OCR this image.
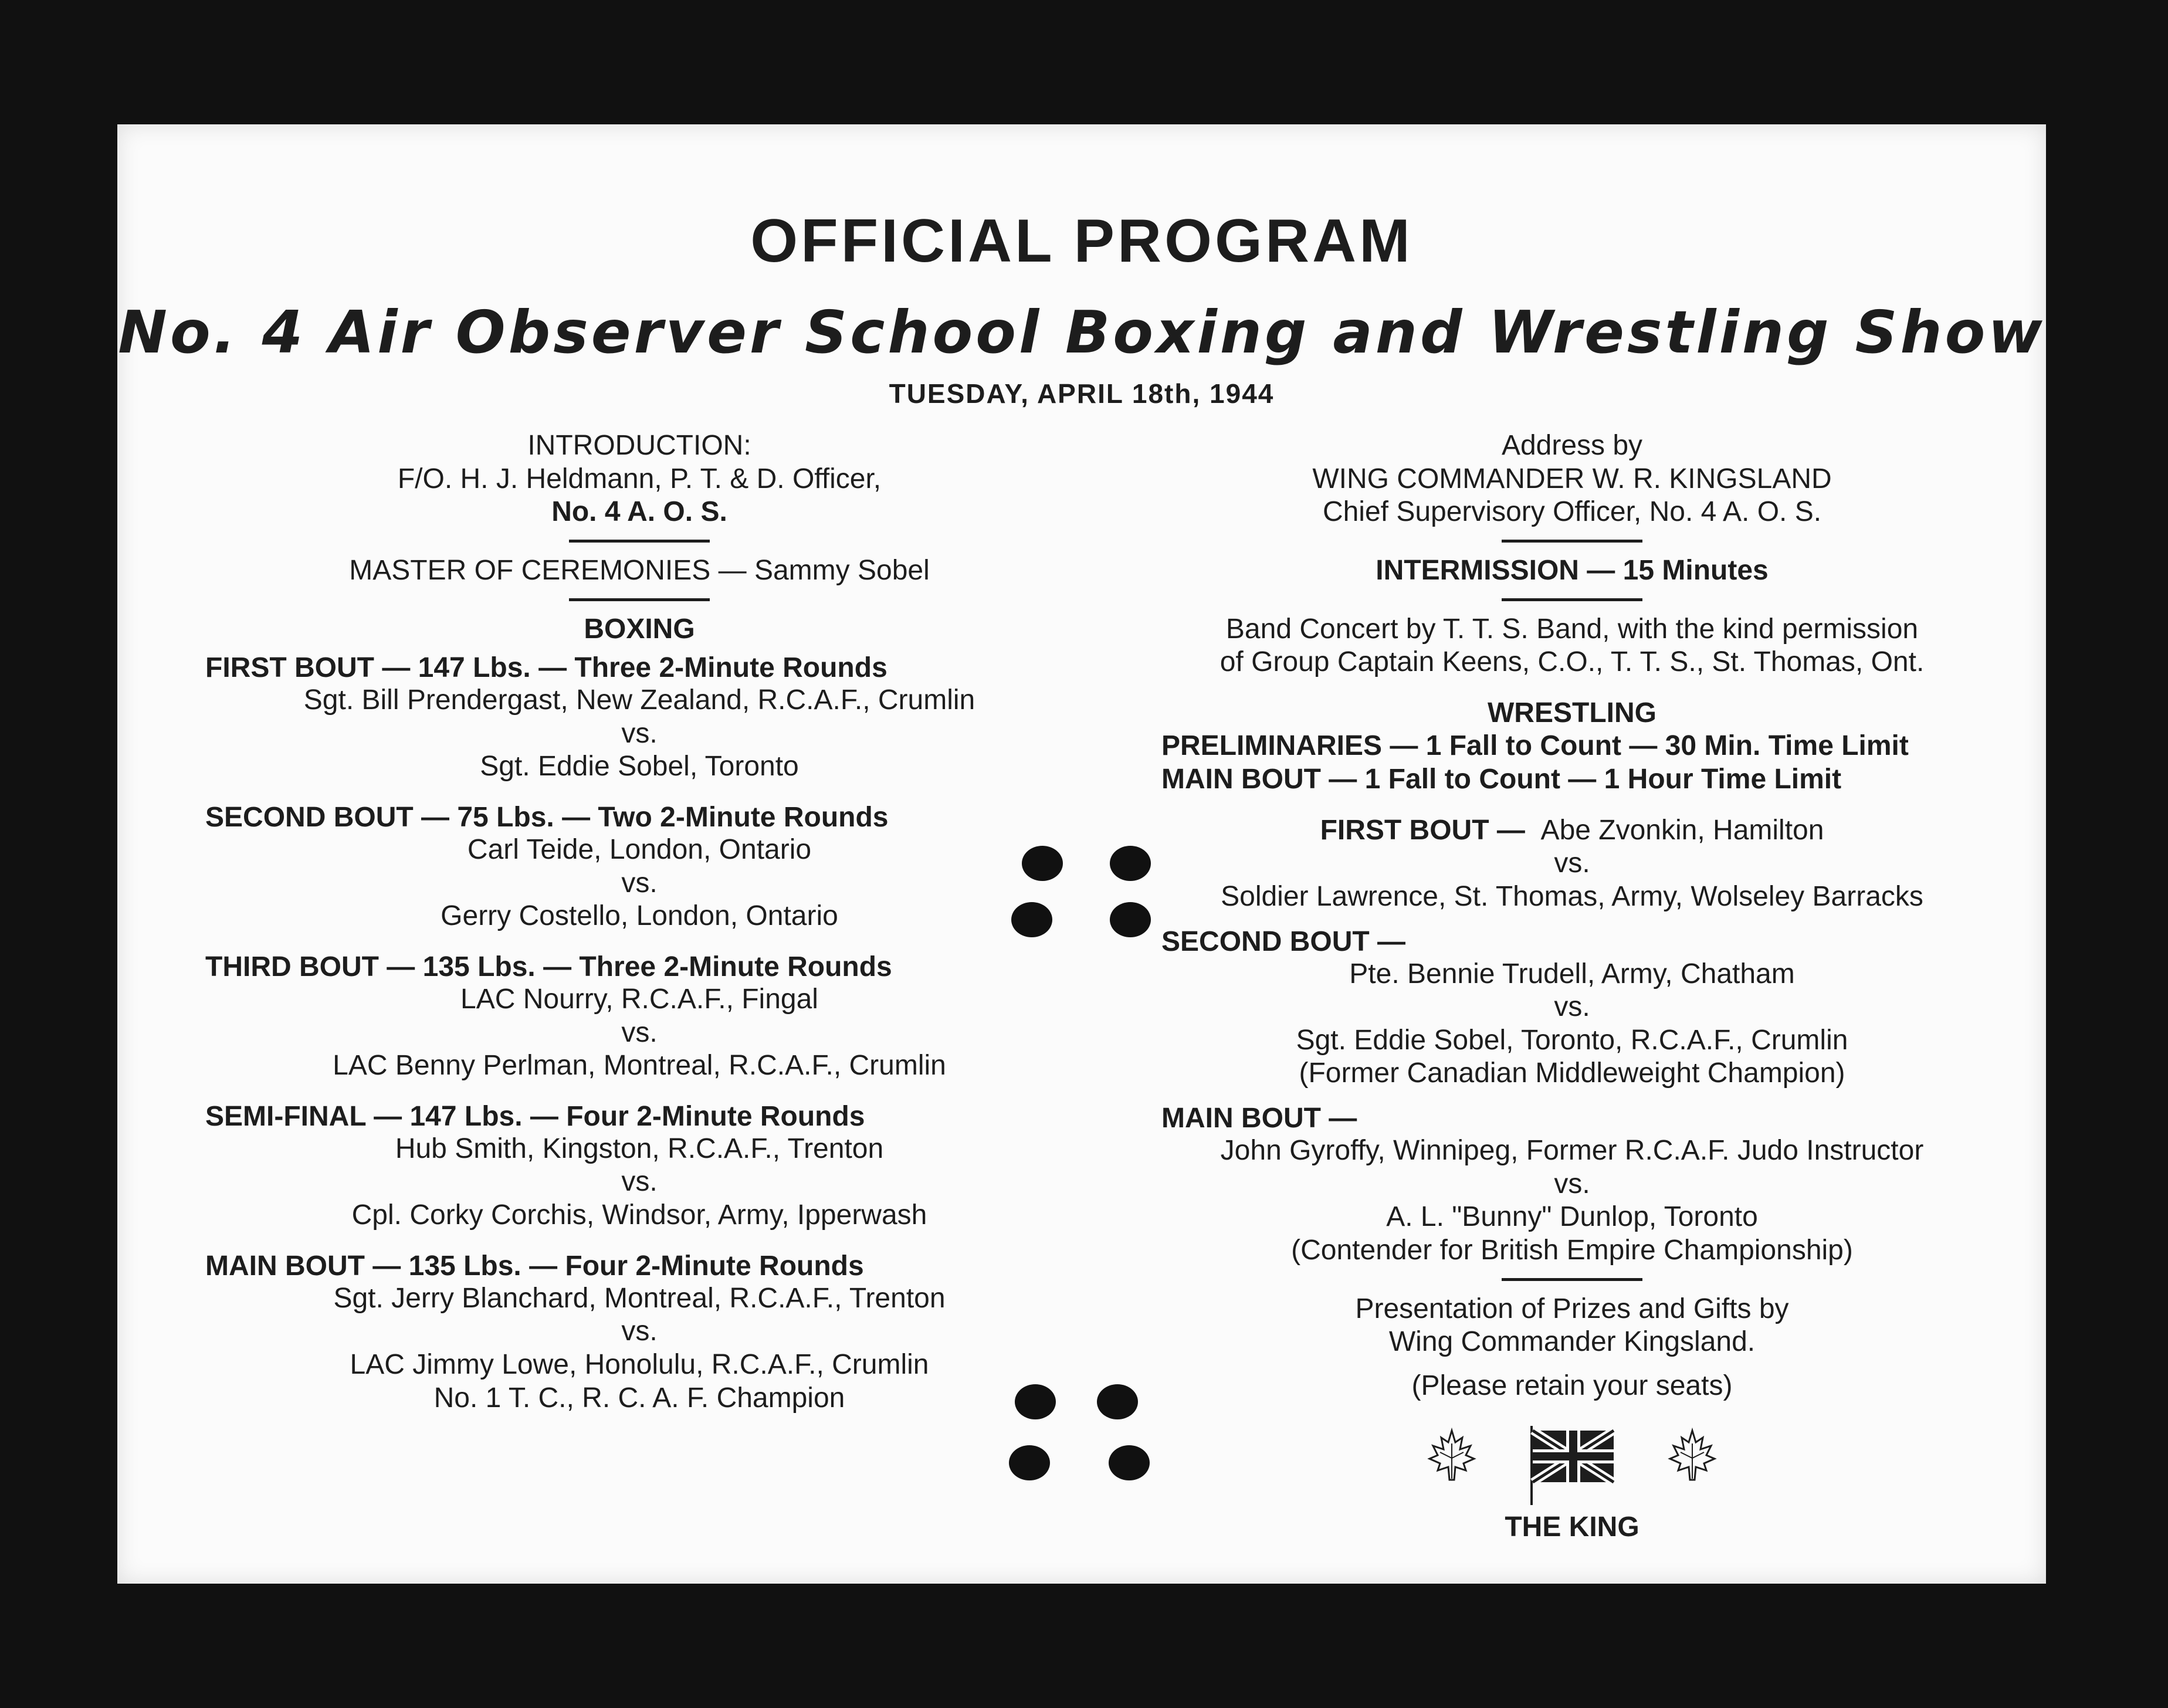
OFFICIAL PROGRAM
No. 4 Air Observer School Boxing and Wrestling Show
TUESDAY, APRIL 18th, 1944
INTRODUCTION:
F/O. H. J. Heldmann, P. T. & D. Officer,
No. 4 A. O. S.
MASTER OF CEREMONIES — Sammy Sobel
BOXING
FIRST BOUT — 147 Lbs. — Three 2-Minute Rounds
Sgt. Bill Prendergast, New Zealand, R.C.A.F., Crumlin
vs.
Sgt. Eddie Sobel, Toronto
SECOND BOUT — 75 Lbs. — Two 2-Minute Rounds
Carl Teide, London, Ontario
vs.
Gerry Costello, London, Ontario
THIRD BOUT — 135 Lbs. — Three 2-Minute Rounds
LAC Nourry, R.C.A.F., Fingal
vs.
LAC Benny Perlman, Montreal, R.C.A.F., Crumlin
SEMI-FINAL — 147 Lbs. — Four 2-Minute Rounds
Hub Smith, Kingston, R.C.A.F., Trenton
vs.
Cpl. Corky Corchis, Windsor, Army, Ipperwash
MAIN BOUT — 135 Lbs. — Four 2-Minute Rounds
Sgt. Jerry Blanchard, Montreal, R.C.A.F., Trenton
vs.
LAC Jimmy Lowe, Honolulu, R.C.A.F., Crumlin
No. 1 T. C., R. C. A. F. Champion
Address by
WING COMMANDER W. R. KINGSLAND
Chief Supervisory Officer, No. 4 A. O. S.
INTERMISSION — 15 Minutes
Band Concert by T. T. S. Band, with the kind permission
of Group Captain Keens, C.O., T. T. S., St. Thomas, Ont.
WRESTLING
PRELIMINARIES — 1 Fall to Count — 30 Min. Time Limit
MAIN BOUT — 1 Fall to Count — 1 Hour Time Limit
FIRST BOUT — Abe Zvonkin, Hamilton
vs.
Soldier Lawrence, St. Thomas, Army, Wolseley Barracks
SECOND BOUT —
Pte. Bennie Trudell, Army, Chatham
vs.
Sgt. Eddie Sobel, Toronto, R.C.A.F., Crumlin
(Former Canadian Middleweight Champion)
MAIN BOUT —
John Gyroffy, Winnipeg, Former R.C.A.F. Judo Instructor
vs.
A. L. "Bunny" Dunlop, Toronto
(Contender for British Empire Championship)
Presentation of Prizes and Gifts by
Wing Commander Kingsland.
(Please retain your seats)
THE KING
